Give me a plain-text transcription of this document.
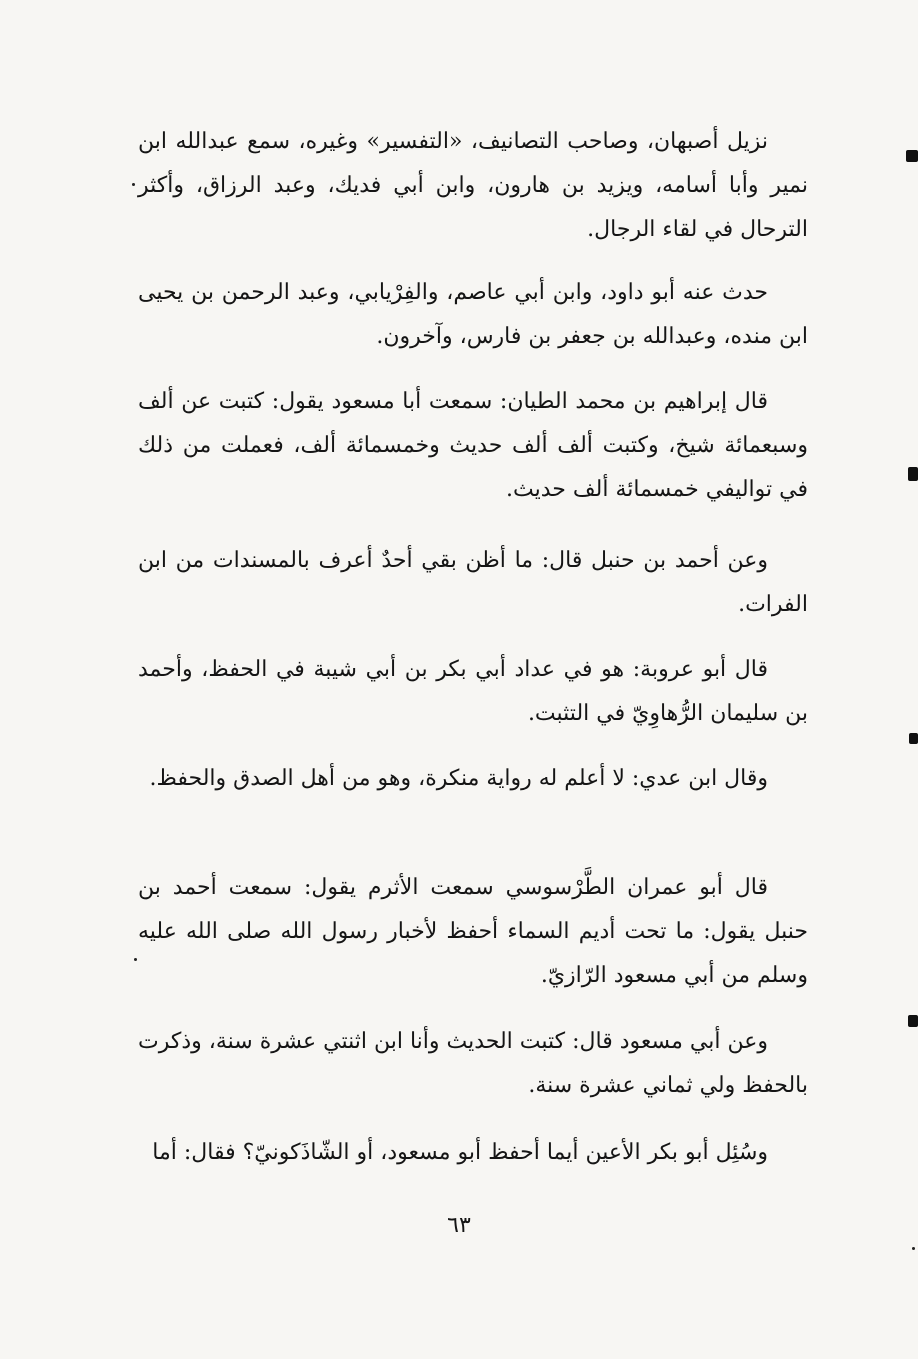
نزيل أصبهان، وصاحب التصانيف، «التفسير» وغيره، سمع عبدالله ابن نمير وأبا أسامه، ويزيد بن هارون، وابن أبي فديك، وعبد الرزاق، وأكثر الترحال في لقاء الرجال.

حدث عنه أبو داود، وابن أبي عاصم، والفِرْيابي، وعبد الرحمن بن يحيى ابن منده، وعبدالله بن جعفر بن فارس، وآخرون.

قال إبراهيم بن محمد الطيان: سمعت أبا مسعود يقول: كتبت عن ألف وسبعمائة شيخ، وكتبت ألف ألف حديث وخمسمائة ألف، فعملت من ذلك في تواليفي خمسمائة ألف حديث.

وعن أحمد بن حنبل قال: ما أظن بقي أحدٌ أعرف بالمسندات من ابن الفرات.

قال أبو عروبة: هو في عداد أبي بكر بن أبي شيبة في الحفظ، وأحمد بن سليمان الرُّهاوِيّ في التثبت.

وقال ابن عدي: لا أعلم له رواية منكرة، وهو من أهل الصدق والحفظ.

قال أبو عمران الطَّرْسوسي سمعت الأثرم يقول: سمعت أحمد بن حنبل يقول: ما تحت أديم السماء أحفظ لأخبار رسول الله صلى الله عليه وسلم من أبي مسعود الرّازيّ.

وعن أبي مسعود قال: كتبت الحديث وأنا ابن اثنتي عشرة سنة، وذكرت بالحفظ ولي ثماني عشرة سنة.

وسُئِل أبو بكر الأعين أيما أحفظ أبو مسعود، أو الشّاذَكونيّ؟ فقال: أما

٦٣
